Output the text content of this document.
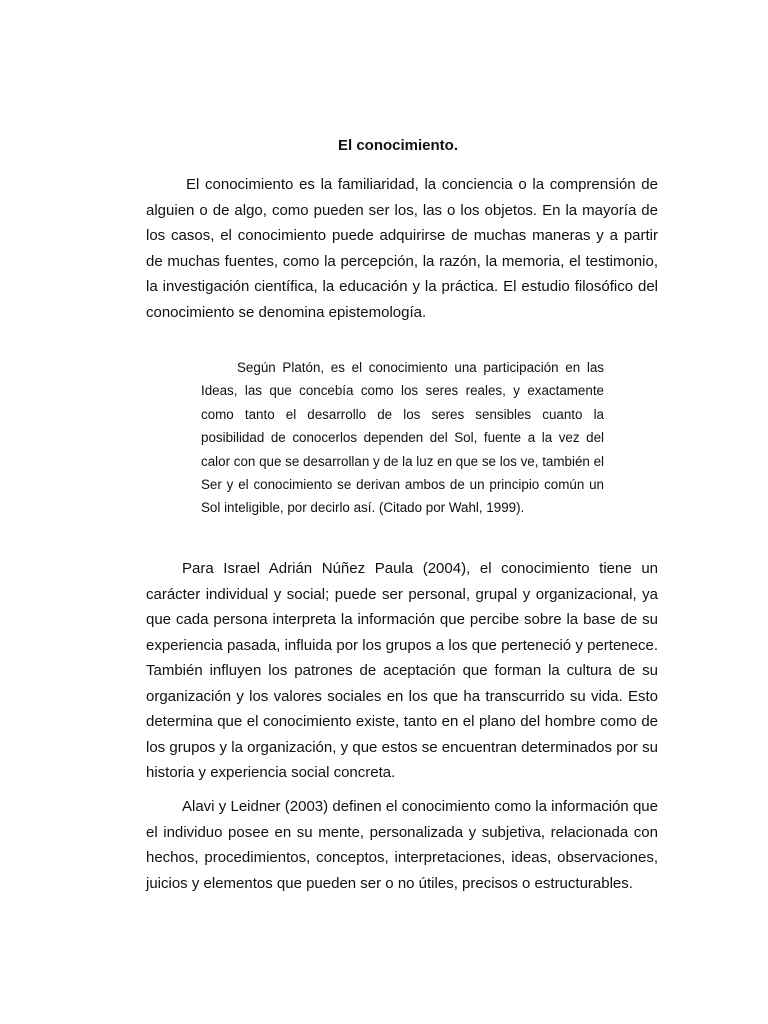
El conocimiento.

El conocimiento es la familiaridad, la conciencia o la comprensión de alguien o de algo, como pueden ser los, las o los objetos. En la mayoría de los casos, el conocimiento puede adquirirse de muchas maneras y a partir de muchas fuentes, como la percepción, la razón, la memoria, el testimonio, la investigación científica, la educación y la práctica. El estudio filosófico del conocimiento se denomina epistemología.

Según Platón, es el conocimiento una participación en las Ideas, las que concebía como los seres reales, y exactamente como tanto el desarrollo de los seres sensibles cuanto la posibilidad de conocerlos dependen del Sol, fuente a la vez del calor con que se desarrollan y de la luz en que se los ve, también el Ser y el conocimiento se derivan ambos de un principio común un Sol inteligible, por decirlo así. (Citado por Wahl, 1999).

Para Israel Adrián Núñez Paula (2004), el conocimiento tiene un carácter individual y social; puede ser personal, grupal y organizacional, ya que cada persona interpreta la información que percibe sobre la base de su experiencia pasada, influida por los grupos a los que perteneció y pertenece. También influyen los patrones de aceptación que forman la cultura de su organización y los valores sociales en los que ha transcurrido su vida. Esto determina que el conocimiento existe, tanto en el plano del hombre como de los grupos y la organización, y que estos se encuentran determinados por su historia y experiencia social concreta.

Alavi y Leidner (2003) definen el conocimiento como la información que el individuo posee en su mente, personalizada y subjetiva, relacionada con hechos, procedimientos, conceptos, interpretaciones, ideas, observaciones, juicios y elementos que pueden ser o no útiles, precisos o estructurables.
